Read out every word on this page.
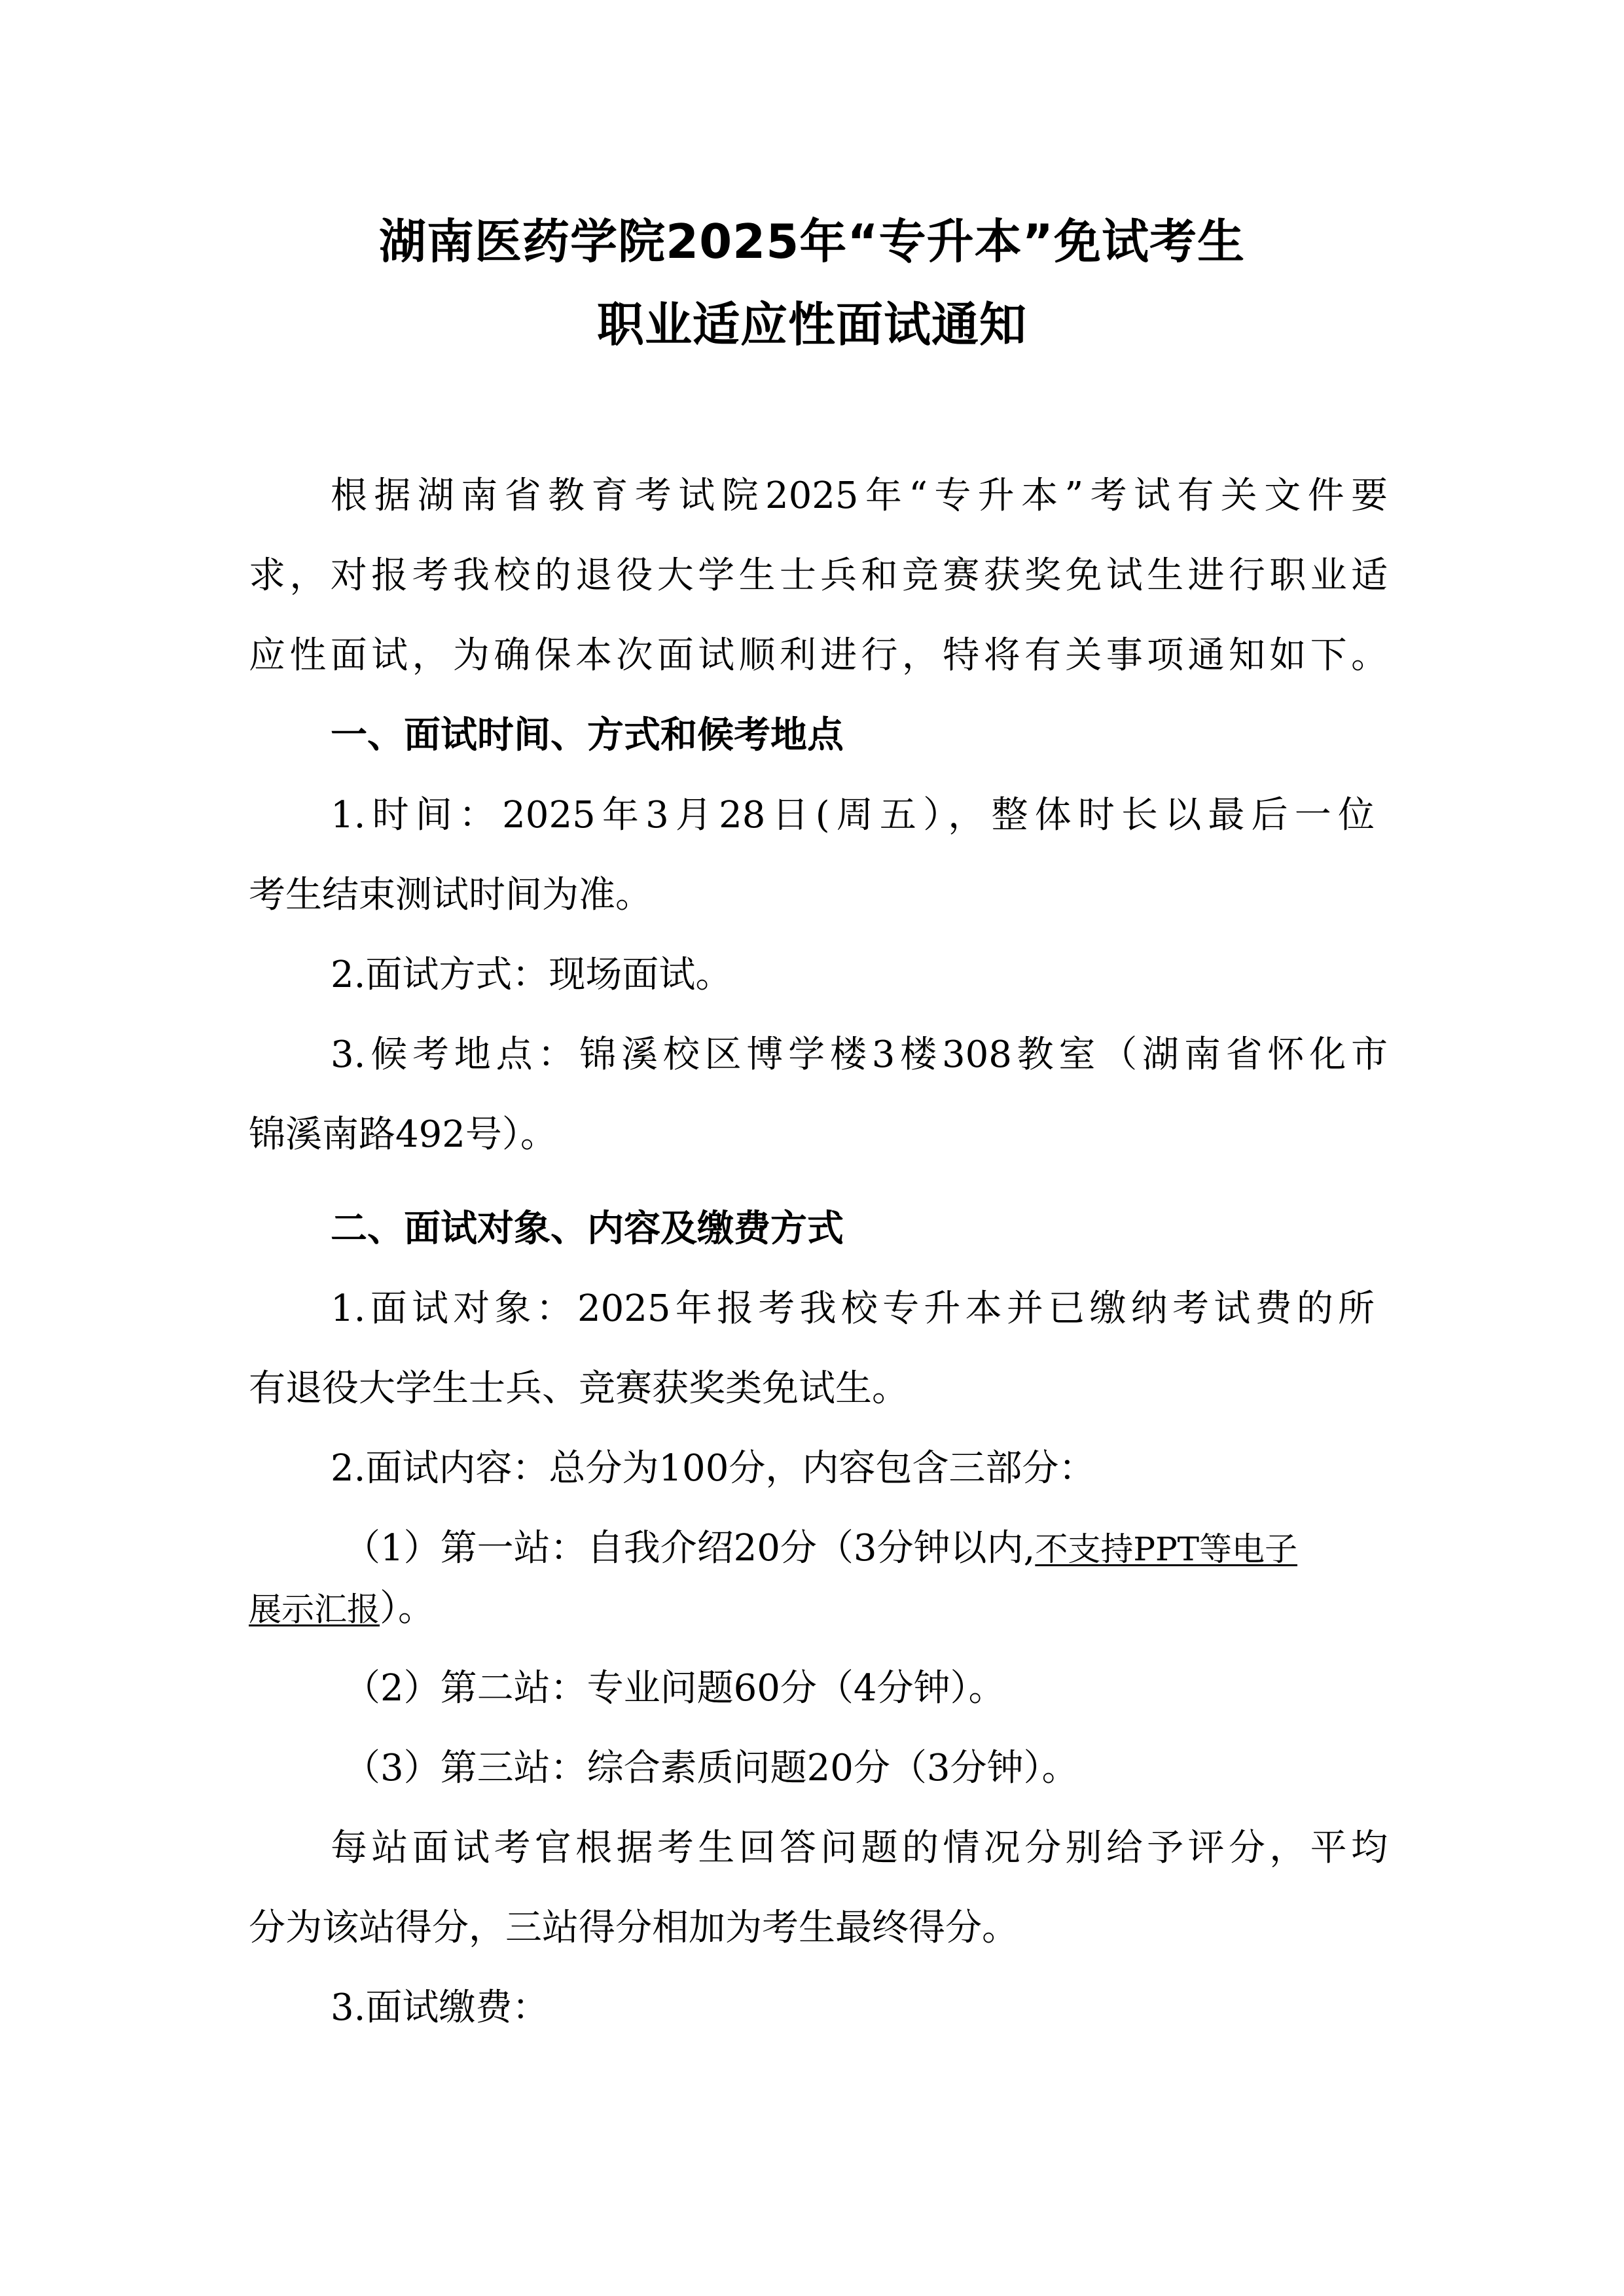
湖南医药学院2025年“专升本”免试考生
职业适应性面试通知

根据湖南省教育考试院2025年“专升本”考试有关文件要

求，对报考我校的退役大学生士兵和竞赛获奖免试生进行职业适

应性面试，为确保本次面试顺利进行，特将有关事项通知如下。

一、面试时间、方式和候考地点

1.时间：2025年3月28日(周五），整体时长以最后一位

考生结束测试时间为准。

2.面试方式：现场面试。

3.候考地点：锦溪校区博学楼3楼308教室（湖南省怀化市

锦溪南路492号）。

二、面试对象、内容及缴费方式

1.面试对象：2025年报考我校专升本并已缴纳考试费的所

有退役大学生士兵、竞赛获奖类免试生。

2.面试内容：总分为100分，内容包含三部分：

（1）第一站：自我介绍20分（3分钟以内,不支持PPT等电子

展示汇报）。

（2）第二站：专业问题60分（4分钟）。

（3）第三站：综合素质问题20分（3分钟）。

每站面试考官根据考生回答问题的情况分别给予评分，平均

分为该站得分，三站得分相加为考生最终得分。

3.面试缴费：
